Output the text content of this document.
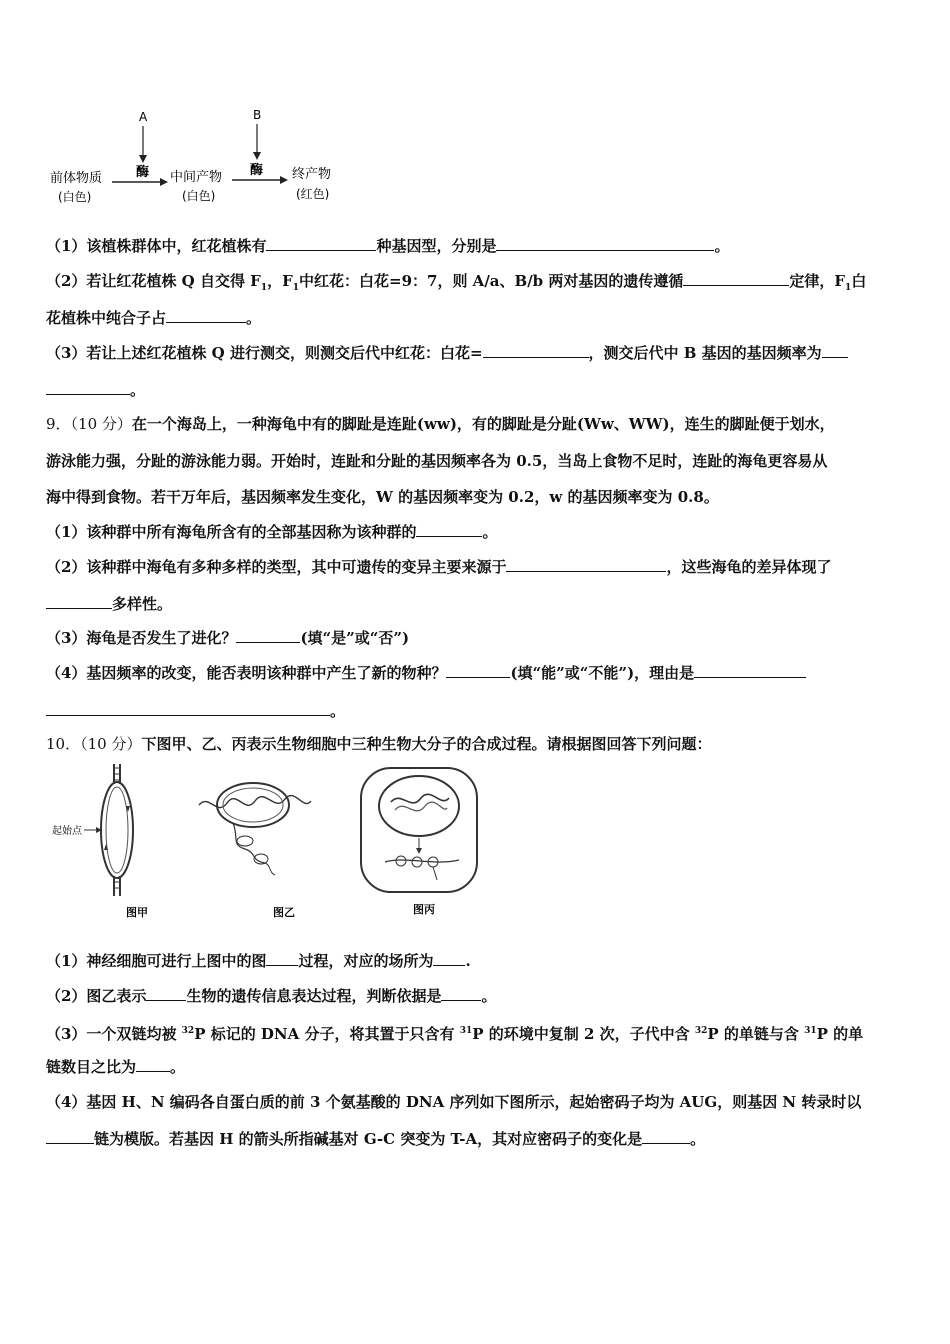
A	B
前体物质
(白色)
酶 中间产物
(白色)
酶 终产物
(红色)
（1）该植株群体中，红花植株有	种基因型，分别是	。
（2）若让红花植株 Q 自交得 $F_1$，$F_1$中红花：白花=9：7，则 A/a、B/b 两对基因的遗传遵循	定律，$F_1$白
花植株中纯合子占	。
（3）若让上述红花植株 Q 进行测交，则测交后代中红花：白花=	，测交后代中 B 基因的基因频率为
。
9．（10 分）在一个海岛上，一种海龟中有的脚趾是连趾(ww)，有的脚趾是分趾(Ww、WW)，连生的脚趾便于划水，
游泳能力强，分趾的游泳能力弱。开始时，连趾和分趾的基因频率各为 0.5，当岛上食物不足时，连趾的海龟更容易从
海中得到食物。若干万年后，基因频率发生变化，W 的基因频率变为 0.2，w 的基因频率变为 0.8。
（1）该种群中所有海龟所含有的全部基因称为该种群的	。
（2）该种群中海龟有多种多样的类型，其中可遗传的变异主要来源于	，这些海龟的差异体现了
多样性。
（3）海龟是否发生了进化？	(填“是”或“否”)
（4）基因频率的改变，能否表明该种群中产生了新的物种？	(填“能”或“不能”)，理由是
。
10．（10 分）下图甲、乙、丙表示生物细胞中三种生物大分子的合成过程。请根据图回答下列问题：
起始点
图甲	图乙	图丙
（1）神经细胞可进行上图中的图 过程，对应的场所为 .
（2）图乙表示	生物的遗传信息表达过程，判断依据是	。
（3）一个双链均被 $^{32}$P 标记的 DNA 分子，将其置于只含有 $^{31}$P 的环境中复制 2 次，子代中含 $^{32}$P 的单链与含 $^{31}$P 的单
链数目之比为 。
（4）基因 H、N 编码各自蛋白质的前 3 个氨基酸的 DNA 序列如下图所示，起始密码子均为 AUG，则基因 N 转录时以
链为模版。若基因 H 的箭头所指碱基对 G-C 突变为 T-A，其对应密码子的变化是	。
